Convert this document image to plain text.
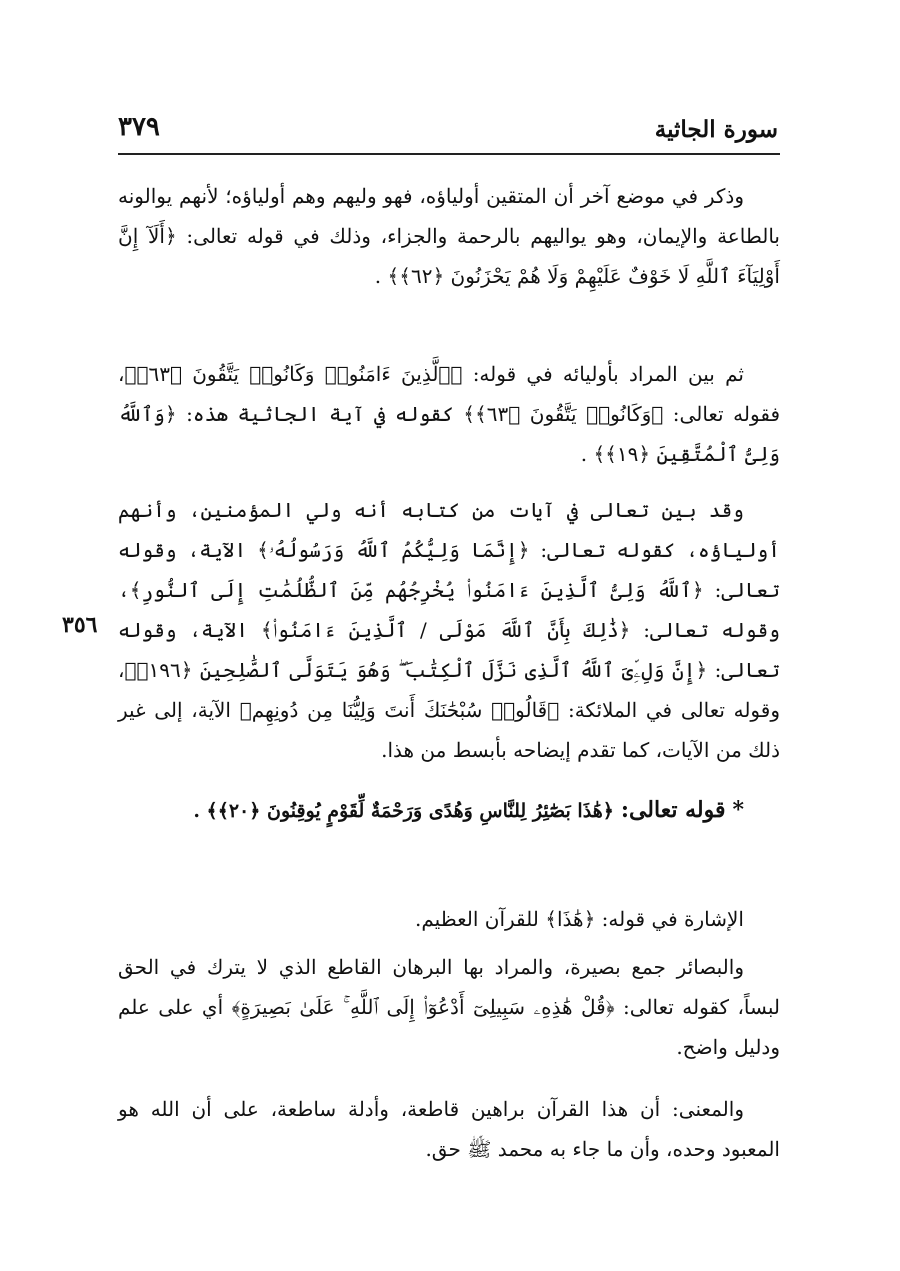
سورة الجاثية
٣٧٩
٣٥٦
وذكر في موضع آخر أن المتقين أولياؤه، فهو وليهم وهم أولياؤه؛ لأنهم يوالونه بالطاعة والإيمان، وهو يواليهم بالرحمة والجزاء، وذلك في قوله تعالى: ﴿أَلَآ إِنَّ أَوْلِيَآءَ ٱللَّهِ لَا خَوْفٌ عَلَيْهِمْ وَلَا هُمْ يَحْزَنُونَ ﴿٦٢﴾﴾ .
ثم بين المراد بأوليائه في قوله: ﴿ٱلَّذِينَ ءَامَنُوا۟ وَكَانُوا۟ يَتَّقُونَ ﴿٦٣﴾﴾، فقوله تعالى: ﴿وَكَانُوا۟ يَتَّقُونَ ﴿٦٣﴾﴾ كقوله في آية الجاثية هذه: ﴿وَٱللَّهُ وَلِىُّ ٱلْمُتَّقِينَ ﴿١٩﴾﴾ .
وقد بين تعالى في آيات من كتابه أنه ولي المؤمنين، وأنهم أولياؤه، كقوله تعالى: ﴿إِنَّمَا وَلِيُّكُمُ ٱللَّهُ وَرَسُولُهُۥ﴾ الآية، وقوله تعالى: ﴿ٱللَّهُ وَلِىُّ ٱلَّذِينَ ءَامَنُوا۟ يُخْرِجُهُم مِّنَ ٱلظُّلُمَٰتِ إِلَى ٱلنُّورِ﴾، وقوله تعالى: ﴿ذَٰلِكَ بِأَنَّ ٱللَّهَ مَوْلَى / ٱلَّذِينَ ءَامَنُوا۟﴾ الآية، وقوله تعالى: ﴿إِنَّ وَلِۦِّىَ ٱللَّهُ ٱلَّذِى نَزَّلَ ٱلْكِتَٰبَ ۖ وَهُوَ يَتَوَلَّى ٱلصَّٰلِحِينَ ﴿١٩٦﴾﴾، وقوله تعالى في الملائكة: ﴿قَالُوا۟ سُبْحَٰنَكَ أَنتَ وَلِيُّنَا مِن دُونِهِم﴾ الآية، إلى غير ذلك من الآيات، كما تقدم إيضاحه بأبسط من هذا.
* قوله تعالى: ﴿هَٰذَا بَصَٰٓئِرُ لِلنَّاسِ وَهُدًى وَرَحْمَةٌ لِّقَوْمٍ يُوقِنُونَ ﴿٢٠﴾﴾ .
الإشارة في قوله: ﴿هَٰذَا﴾ للقرآن العظيم.
والبصائر جمع بصيرة، والمراد بها البرهان القاطع الذي لا يترك في الحق لبساً، كقوله تعالى: ﴿قُلْ هَٰذِهِۦ سَبِيلِىٓ أَدْعُوٓا۟ إِلَى ٱللَّهِ ۚ عَلَىٰ بَصِيرَةٍ﴾ أي على علم ودليل واضح.
والمعنى: أن هذا القرآن براهين قاطعة، وأدلة ساطعة، على أن الله هو المعبود وحده، وأن ما جاء به محمد ﷺ حق.
